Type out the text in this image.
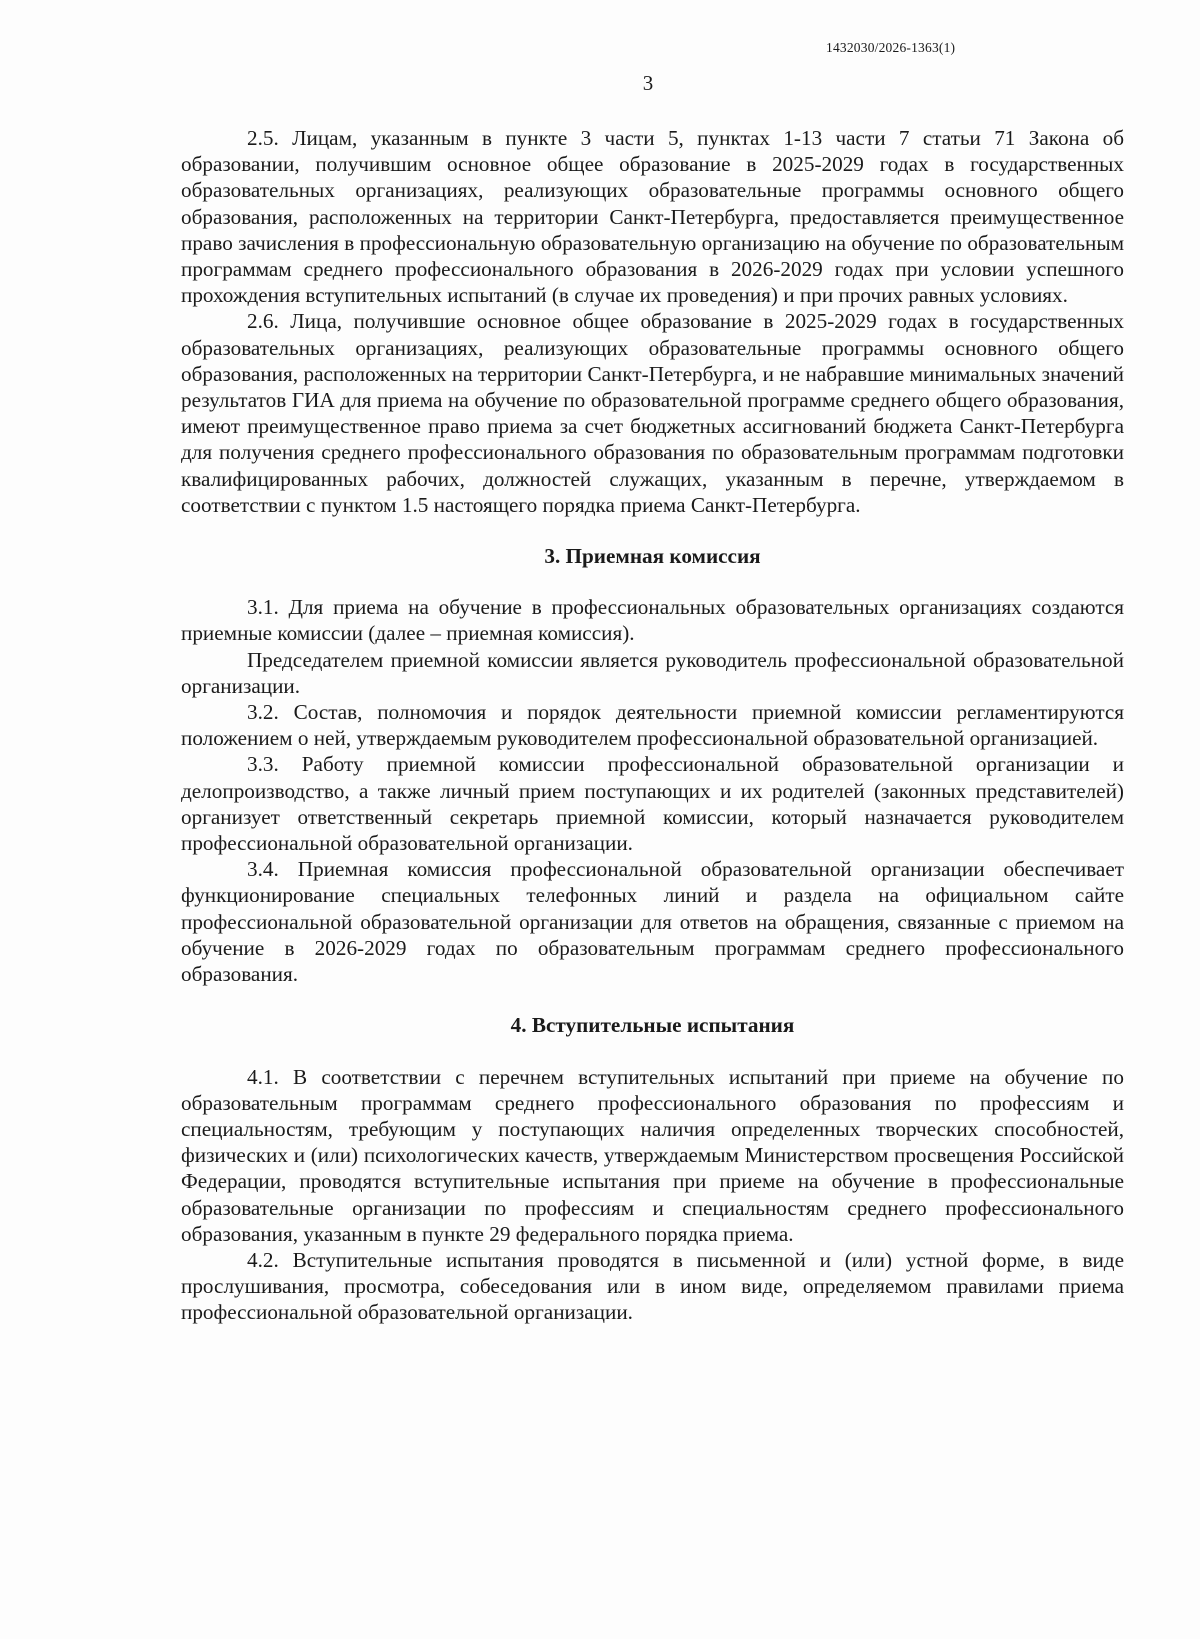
1432030/2026-1363(1)
3

2.5. Лицам, указанным в пункте 3 части 5, пунктах 1-13 части 7 статьи 71 Закона об образовании, получившим основное общее образование в 2025-2029 годах в государственных образовательных организациях, реализующих образовательные программы основного общего образования, расположенных на территории Санкт-Петербурга, предоставляется преимущественное право зачисления в профессиональную образовательную организацию на обучение по образовательным программам среднего профессионального образования в 2026-2029 годах при условии успешного прохождения вступительных испытаний (в случае их проведения) и при прочих равных условиях.

2.6. Лица, получившие основное общее образование в 2025-2029 годах в государственных образовательных организациях, реализующих образовательные программы основного общего образования, расположенных на территории Санкт-Петербурга, и не набравшие минимальных значений результатов ГИА для приема на обучение по образовательной программе среднего общего образования, имеют преимущественное право приема за счет бюджетных ассигнований бюджета Санкт-Петербурга для получения среднего профессионального образования по образовательным программам подготовки квалифицированных рабочих, должностей служащих, указанным в перечне, утверждаемом в соответствии с пунктом 1.5 настоящего порядка приема Санкт-Петербурга.

3. Приемная комиссия

3.1. Для приема на обучение в профессиональных образовательных организациях создаются приемные комиссии (далее – приемная комиссия).

Председателем приемной комиссии является руководитель профессиональной образовательной организации.

3.2. Состав, полномочия и порядок деятельности приемной комиссии регламентируются положением о ней, утверждаемым руководителем профессиональной образовательной организацией.

3.3. Работу приемной комиссии профессиональной образовательной организации и делопроизводство, а также личный прием поступающих и их родителей (законных представителей) организует ответственный секретарь приемной комиссии, который назначается руководителем профессиональной образовательной организации.

3.4. Приемная комиссия профессиональной образовательной организации обеспечивает функционирование специальных телефонных линий и раздела на официальном сайте профессиональной образовательной организации для ответов на обращения, связанные с приемом на обучение в 2026-2029 годах по образовательным программам среднего профессионального образования.

4. Вступительные испытания

4.1. В соответствии с перечнем вступительных испытаний при приеме на обучение по образовательным программам среднего профессионального образования по профессиям и специальностям, требующим у поступающих наличия определенных творческих способностей, физических и (или) психологических качеств, утверждаемым Министерством просвещения Российской Федерации, проводятся вступительные испытания при приеме на обучение в профессиональные образовательные организации по профессиям и специальностям среднего профессионального образования, указанным в пункте 29 федерального порядка приема.

4.2. Вступительные испытания проводятся в письменной и (или) устной форме, в виде прослушивания, просмотра, собеседования или в ином виде, определяемом правилами приема профессиональной образовательной организации.
